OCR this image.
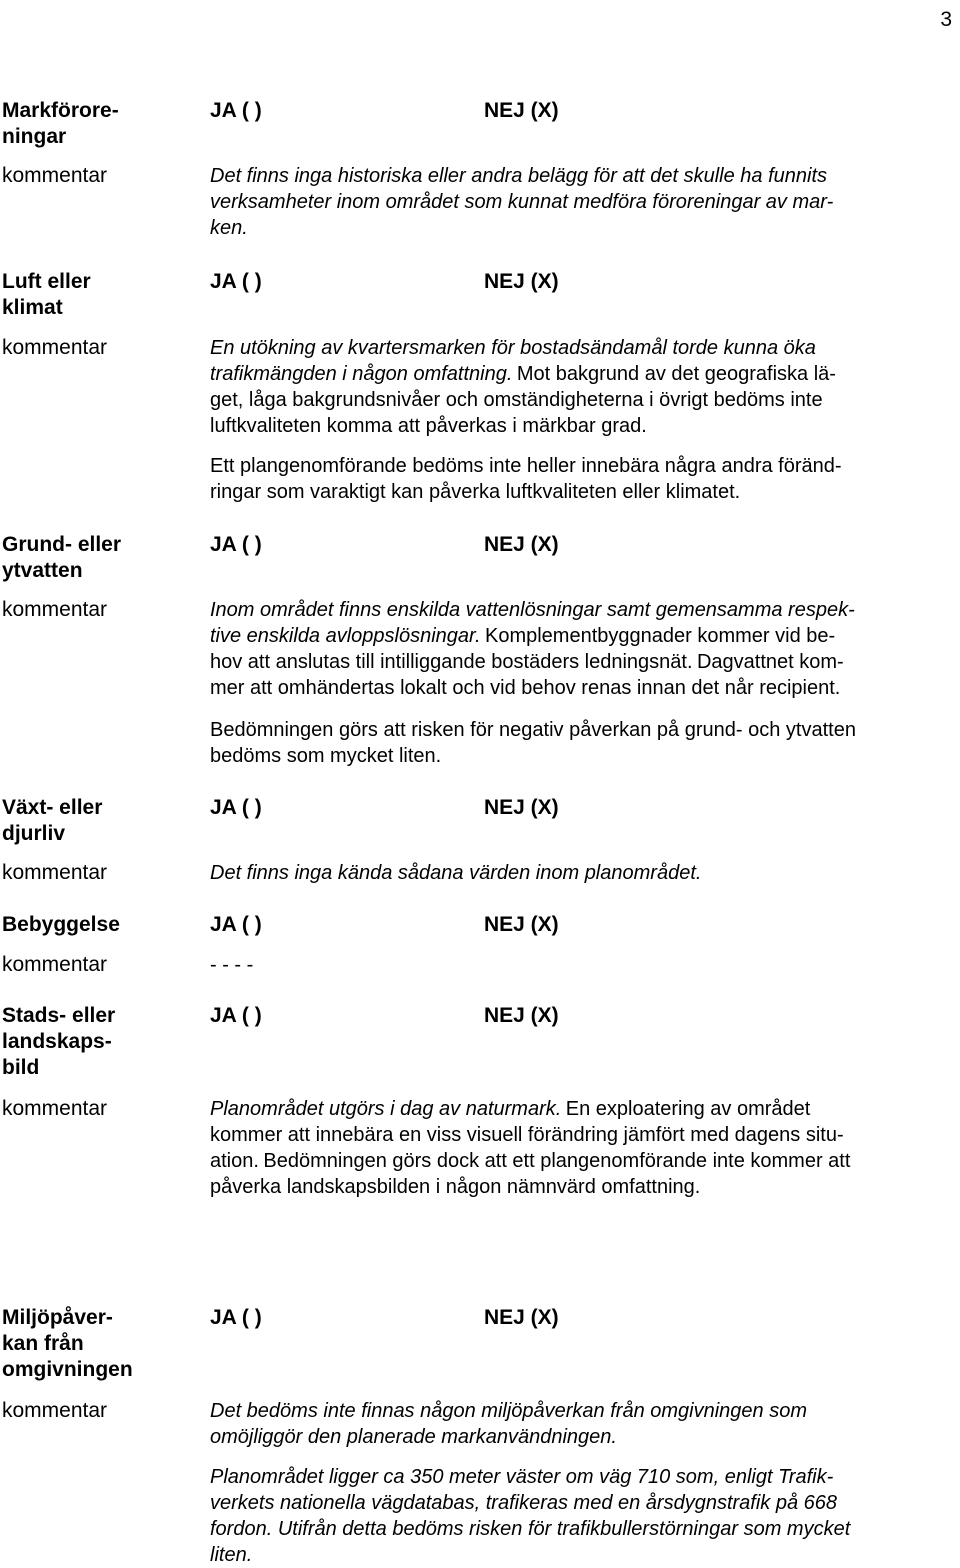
3
Markförore-
ningar
JA ( )	NEJ (X)
kommentar	Det finns inga historiska eller andra belägg för att det skulle ha funnits
verksamheter inom området som kunnat medföra föroreningar av mar-
ken.
Luft eller
klimat
JA ( )	NEJ (X)
kommentar	En utökning av kvartersmarken för bostadsändamål torde kunna öka
trafikmängden i någon omfattning. Mot bakgrund av det geografiska lä-
get, låga bakgrundsnivåer och omständigheterna i övrigt bedöms inte
luftkvaliteten komma att påverkas i märkbar grad.
Ett plangenomförande bedöms inte heller innebära några andra föränd-
ringar som varaktigt kan påverka luftkvaliteten eller klimatet.
Grund- eller
ytvatten
JA ( )	NEJ (X)
kommentar	Inom området finns enskilda vattenlösningar samt gemensamma respek-
tive enskilda avloppslösningar. Komplementbyggnader kommer vid be-
hov att anslutas till intilliggande bostäders ledningsnät. Dagvattnet kom-
mer att omhändertas lokalt och vid behov renas innan det når recipient.
Bedömningen görs att risken för negativ påverkan på grund- och ytvatten
bedöms som mycket liten.
Växt- eller
djurliv
JA ( )	NEJ (X)
kommentar	Det finns inga kända sådana värden inom planområdet.
Bebyggelse	JA ( )	NEJ (X)
kommentar	- - - -
Stads- eller
landskaps-
bild
JA ( )	NEJ (X)
kommentar	Planområdet utgörs i dag av naturmark. En exploatering av området
kommer att innebära en viss visuell förändring jämfört med dagens situ-
ation. Bedömningen görs dock att ett plangenomförande inte kommer att
påverka landskapsbilden i någon nämnvärd omfattning.
Miljöpåver-
kan från
omgivningen
JA ( )	NEJ (X)
kommentar	Det bedöms inte finnas någon miljöpåverkan från omgivningen som
omöjliggör den planerade markanvändningen.
Planområdet ligger ca 350 meter väster om väg 710 som, enligt Trafik-
verkets nationella vägdatabas, trafikeras med en årsdygnstrafik på 668
fordon. Utifrån detta bedöms risken för trafikbullerstörningar som mycket
liten.
